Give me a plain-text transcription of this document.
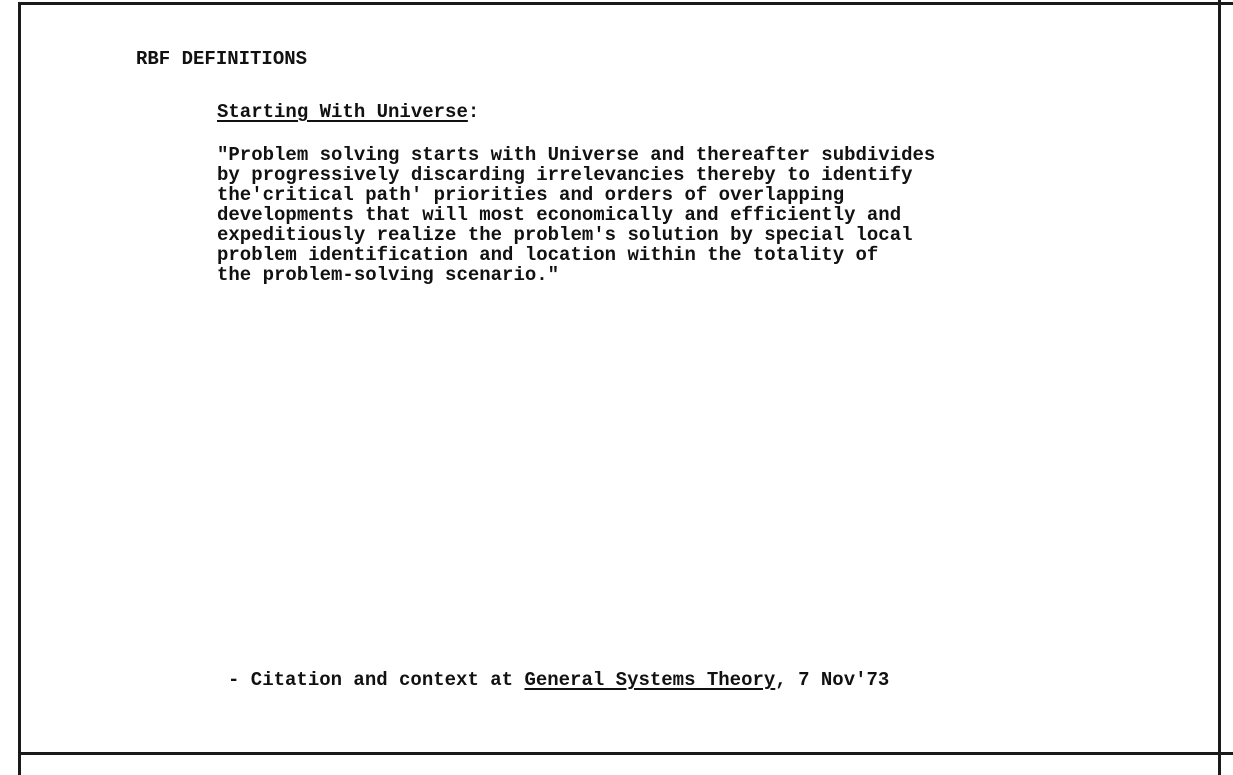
RBF DEFINITIONS
Starting With Universe:
"Problem solving starts with Universe and thereafter subdivides
by progressively discarding irrelevancies thereby to identify
the'critical path' priorities and orders of overlapping
developments that will most economically and efficiently and
expeditiously realize the problem's solution by special local
problem identification and location within the totality of
the problem-solving scenario."
- Citation and context at General Systems Theory, 7 Nov'73
